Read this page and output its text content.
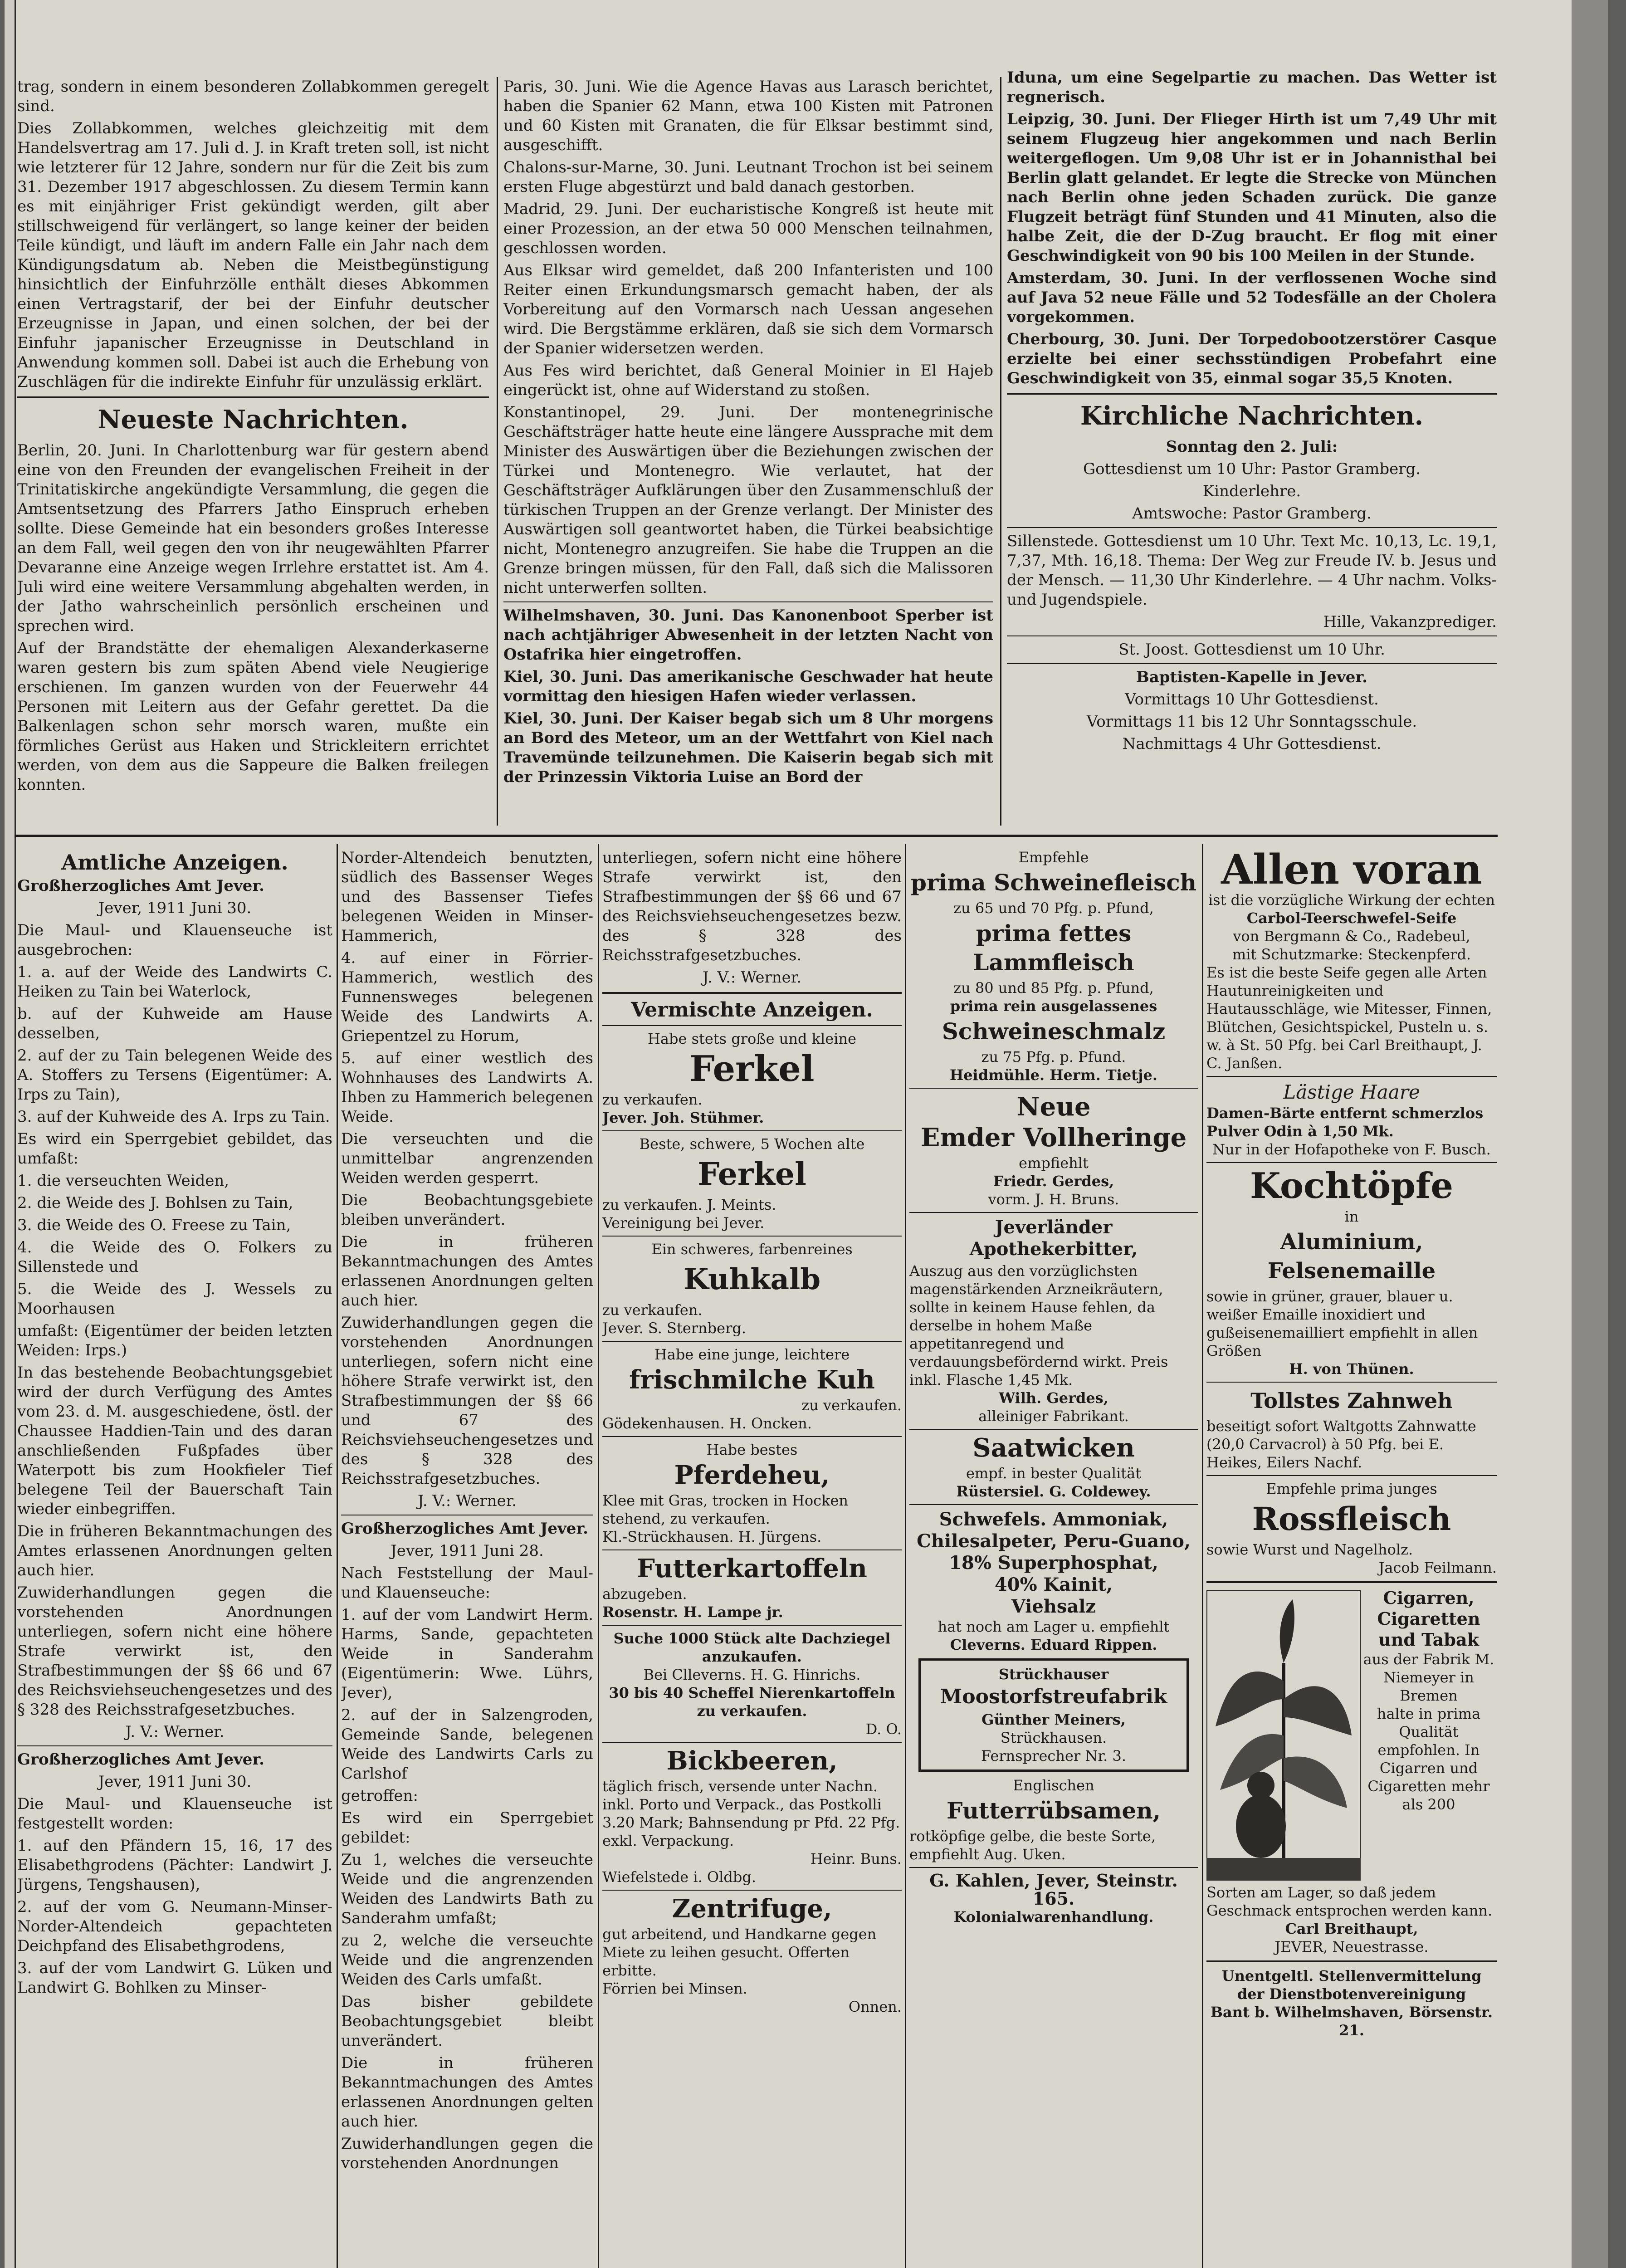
trag, sondern in einem besonderen Zollabkommen geregelt sind.

Dies Zollabkommen, welches gleichzeitig mit dem Handelsvertrag am 17. Juli d. J. in Kraft treten soll, ist nicht wie letzterer für 12 Jahre, sondern nur für die Zeit bis zum 31. Dezember 1917 abgeschlossen. Zu diesem Termin kann es mit einjähriger Frist gekündigt werden, gilt aber stillschweigend für verlängert, so lange keiner der beiden Teile kündigt, und läuft im andern Falle ein Jahr nach dem Kündigungsdatum ab. Neben die Meistbegünstigung hinsichtlich der Einfuhrzölle enthält dieses Abkommen einen Vertragstarif, der bei der Einfuhr deutscher Erzeugnisse in Japan, und einen solchen, der bei der Einfuhr japanischer Erzeugnisse in Deutschland in Anwendung kommen soll. Dabei ist auch die Erhebung von Zuschlägen für die indirekte Einfuhr für unzulässig erklärt.

Neueste Nachrichten.

Berlin, 20. Juni. In Charlottenburg war für gestern abend eine von den Freunden der evangelischen Freiheit in der Trinitatiskirche angekündigte Versammlung, die gegen die Amtsentsetzung des Pfarrers Jatho Einspruch erheben sollte. Diese Gemeinde hat ein besonders großes Interesse an dem Fall, weil gegen den von ihr neugewählten Pfarrer Devaranne eine Anzeige wegen Irrlehre erstattet ist. Am 4. Juli wird eine weitere Versammlung abgehalten werden, in der Jatho wahrscheinlich persönlich erscheinen und sprechen wird.

Auf der Brandstätte der ehemaligen Alexanderkaserne waren gestern bis zum späten Abend viele Neugierige erschienen. Im ganzen wurden von der Feuerwehr 44 Personen mit Leitern aus der Gefahr gerettet. Da die Balkenlagen schon sehr morsch waren, mußte ein förmliches Gerüst aus Haken und Strickleitern errichtet werden, von dem aus die Sappeure die Balken freilegen konnten.

Paris, 30. Juni. Wie die Agence Havas aus Larasch berichtet, haben die Spanier 62 Mann, etwa 100 Kisten mit Patronen und 60 Kisten mit Granaten, die für Elksar bestimmt sind, ausgeschifft.

Chalons-sur-Marne, 30. Juni. Leutnant Trochon ist bei seinem ersten Fluge abgestürzt und bald danach gestorben.

Madrid, 29. Juni. Der eucharistische Kongreß ist heute mit einer Prozession, an der etwa 50 000 Menschen teilnahmen, geschlossen worden.

Aus Elksar wird gemeldet, daß 200 Infanteristen und 100 Reiter einen Erkundungsmarsch gemacht haben, der als Vorbereitung auf den Vormarsch nach Uessan angesehen wird. Die Bergstämme erklären, daß sie sich dem Vormarsch der Spanier widersetzen werden.

Aus Fes wird berichtet, daß General Moinier in El Hajeb eingerückt ist, ohne auf Widerstand zu stoßen.

Konstantinopel, 29. Juni. Der montenegrinische Geschäftsträger hatte heute eine längere Aussprache mit dem Minister des Auswärtigen über die Beziehungen zwischen der Türkei und Montenegro. Wie verlautet, hat der Geschäftsträger Aufklärungen über den Zusammenschluß der türkischen Truppen an der Grenze verlangt. Der Minister des Auswärtigen soll geantwortet haben, die Türkei beabsichtige nicht, Montenegro anzugreifen. Sie habe die Truppen an die Grenze bringen müssen, für den Fall, daß sich die Malissoren nicht unterwerfen sollten.

Wilhelmshaven, 30. Juni. Das Kanonenboot Sperber ist nach achtjähriger Abwesenheit in der letzten Nacht von Ostafrika hier eingetroffen.

Kiel, 30. Juni. Das amerikanische Geschwader hat heute vormittag den hiesigen Hafen wieder verlassen.

Kiel, 30. Juni. Der Kaiser begab sich um 8 Uhr morgens an Bord des Meteor, um an der Wettfahrt von Kiel nach Travemünde teilzunehmen. Die Kaiserin begab sich mit der Prinzessin Viktoria Luise an Bord der

Iduna, um eine Segelpartie zu machen. Das Wetter ist regnerisch.

Leipzig, 30. Juni. Der Flieger Hirth ist um 7,49 Uhr mit seinem Flugzeug hier angekommen und nach Berlin weitergeflogen. Um 9,08 Uhr ist er in Johannisthal bei Berlin glatt gelandet. Er legte die Strecke von München nach Berlin ohne jeden Schaden zurück. Die ganze Flugzeit beträgt fünf Stunden und 41 Minuten, also die halbe Zeit, die der D-Zug braucht. Er flog mit einer Geschwindigkeit von 90 bis 100 Meilen in der Stunde.

Amsterdam, 30. Juni. In der verflossenen Woche sind auf Java 52 neue Fälle und 52 Todesfälle an der Cholera vorgekommen.

Cherbourg, 30. Juni. Der Torpedobootzerstörer Casque erzielte bei einer sechsstündigen Probefahrt eine Geschwindigkeit von 35, einmal sogar 35,5 Knoten.

Kirchliche Nachrichten.

Sonntag den 2. Juli:

Gottesdienst um 10 Uhr: Pastor Gramberg.

Kinderlehre.

Amtswoche: Pastor Gramberg.

Sillenstede. Gottesdienst um 10 Uhr. Text Mc. 10,13, Lc. 19,1, 7,37, Mth. 16,18. Thema: Der Weg zur Freude IV. b. Jesus und der Mensch. — 11,30 Uhr Kinderlehre. — 4 Uhr nachm. Volks- und Jugendspiele.

Hille, Vakanzprediger.

St. Joost. Gottesdienst um 10 Uhr.

Baptisten-Kapelle in Jever.

Vormittags 10 Uhr Gottesdienst.

Vormittags 11 bis 12 Uhr Sonntagsschule.

Nachmittags 4 Uhr Gottesdienst.

Amtliche Anzeigen.

Großherzogliches Amt Jever.

Jever, 1911 Juni 30.

Die Maul- und Klauenseuche ist ausgebrochen:

1. a. auf der Weide des Landwirts C. Heiken zu Tain bei Waterlock,

b. auf der Kuhweide am Hause desselben,

2. auf der zu Tain belegenen Weide des A. Stoffers zu Tersens (Eigentümer: A. Irps zu Tain),

3. auf der Kuhweide des A. Irps zu Tain.

Es wird ein Sperrgebiet gebildet, das umfaßt:

1. die verseuchten Weiden,

2. die Weide des J. Bohlsen zu Tain,

3. die Weide des O. Freese zu Tain,

4. die Weide des O. Folkers zu Sillenstede und

5. die Weide des J. Wessels zu Moorhausen

umfaßt: (Eigentümer der beiden letzten Weiden: Irps.)

In das bestehende Beobachtungsgebiet wird der durch Verfügung des Amtes vom 23. d. M. ausgeschiedene, östl. der Chaussee Haddien-Tain und des daran anschließenden Fußpfades über Waterpott bis zum Hookfieler Tief belegene Teil der Bauerschaft Tain wieder einbegriffen.

Die in früheren Bekanntmachungen des Amtes erlassenen Anordnungen gelten auch hier.

Zuwiderhandlungen gegen die vorstehenden Anordnungen unterliegen, sofern nicht eine höhere Strafe verwirkt ist, den Strafbestimmungen der §§ 66 und 67 des Reichsviehseuchengesetzes und des § 328 des Reichsstrafgesetzbuches.

J. V.: Werner.

Großherzogliches Amt Jever.

Jever, 1911 Juni 30.

Die Maul- und Klauenseuche ist festgestellt worden:

1. auf den Pfändern 15, 16, 17 des Elisabethgrodens (Pächter: Landwirt J. Jürgens, Tengshausen),

2. auf der vom G. Neumann-Minser-Norder-Altendeich gepachteten Deichpfand des Elisabethgrodens,

3. auf der vom Landwirt G. Lüken und Landwirt G. Bohlken zu Minser-

Norder-Altendeich benutzten, südlich des Bassenser Weges und des Bassenser Tiefes belegenen Weiden in Minser-Hammerich,

4. auf einer in Förrier-Hammerich, westlich des Funnensweges belegenen Weide des Landwirts A. Griepentzel zu Horum,

5. auf einer westlich des Wohnhauses des Landwirts A. Ihben zu Hammerich belegenen Weide.

Die verseuchten und die unmittelbar angrenzenden Weiden werden gesperrt.

Die Beobachtungsgebiete bleiben unverändert.

Die in früheren Bekanntmachungen des Amtes erlassenen Anordnungen gelten auch hier.

Zuwiderhandlungen gegen die vorstehenden Anordnungen unterliegen, sofern nicht eine höhere Strafe verwirkt ist, den Strafbestimmungen der §§ 66 und 67 des Reichsviehseuchengesetzes und des § 328 des Reichsstrafgesetzbuches.

J. V.: Werner.

Großherzogliches Amt Jever.

Jever, 1911 Juni 28.

Nach Feststellung der Maul- und Klauenseuche:

1. auf der vom Landwirt Herm. Harms, Sande, gepachteten Weide in Sanderahm (Eigentümerin: Wwe. Lührs, Jever),

2. auf der in Salzengroden, Gemeinde Sande, belegenen Weide des Landwirts Carls zu Carlshof

getroffen:

Es wird ein Sperrgebiet gebildet:

Zu 1, welches die verseuchte Weide und die angrenzenden Weiden des Landwirts Bath zu Sanderahm umfaßt;

zu 2, welche die verseuchte Weide und die angrenzenden Weiden des Carls umfaßt.

Das bisher gebildete Beobachtungsgebiet bleibt unverändert.

Die in früheren Bekanntmachungen des Amtes erlassenen Anordnungen gelten auch hier.

Zuwiderhandlungen gegen die vorstehenden Anordnungen

unterliegen, sofern nicht eine höhere Strafe verwirkt ist, den Strafbestimmungen der §§ 66 und 67 des Reichsviehseuchengesetzes bezw. des § 328 des Reichsstrafgesetzbuches.

J. V.: Werner.

Vermischte Anzeigen.

Habe stets große und kleine

Ferkel

zu verkaufen.

Jever. Joh. Stühmer.

Beste, schwere, 5 Wochen alte

Ferkel

zu verkaufen. J. Meints.

Vereinigung bei Jever.

Ein schweres, farbenreines

Kuhkalb

zu verkaufen.

Jever. S. Sternberg.

Habe eine junge, leichtere

frischmilche Kuh

zu verkaufen.

Gödekenhausen. H. Oncken.

Habe bestes

Pferdeheu,

Klee mit Gras, trocken in Hocken stehend, zu verkaufen.

Kl.-Strückhausen. H. Jürgens.

Futterkartoffeln

abzugeben.

Rosenstr. H. Lampe jr.

Suche 1000 Stück alte Dachziegel anzukaufen.

Bei Clleverns. H. G. Hinrichs.

30 bis 40 Scheffel Nierenkartoffeln zu verkaufen.

D. O.

Bickbeeren,

täglich frisch, versende unter Nachn. inkl. Porto und Verpack., das Postkolli 3.20 Mark; Bahnsendung pr Pfd. 22 Pfg. exkl. Verpackung.

Heinr. Buns.

Wiefelstede i. Oldbg.

Zentrifuge,

gut arbeitend, und Handkarne gegen Miete zu leihen gesucht. Offerten erbitte.

Förrien bei Minsen.

Onnen.

Empfehle

prima Schweinefleisch

zu 65 und 70 Pfg. p. Pfund,

prima fettes Lammfleisch

zu 80 und 85 Pfg. p. Pfund,

prima rein ausgelassenes

Schweineschmalz

zu 75 Pfg. p. Pfund.

Heidmühle. Herm. Tietje.

Neue
Emder Vollheringe

empfiehlt

Friedr. Gerdes,

vorm. J. H. Bruns.

Jeverländer Apothekerbitter,

Auszug aus den vorzüglichsten magenstärkenden Arzneikräutern, sollte in keinem Hause fehlen, da derselbe in hohem Maße appetitanregend und verdauungsbefördernd wirkt. Preis inkl. Flasche 1,45 Mk.

Wilh. Gerdes,

alleiniger Fabrikant.

Saatwicken

empf. in bester Qualität

Rüstersiel. G. Coldewey.

Schwefels. Ammoniak,

Chilesalpeter, Peru-Guano,

18% Superphosphat,

40% Kainit,

Viehsalz

hat noch am Lager u. empfiehlt

Cleverns. Eduard Rippen.

Strückhauser

Moostorfstreufabrik

Günther Meiners,

Strückhausen.

Fernsprecher Nr. 3.

Englischen

Futterrübsamen,

rotköpfige gelbe, die beste Sorte, empfiehlt Aug. Uken.

G. Kahlen, Jever, Steinstr. 165.

Kolonialwarenhandlung.

Allen voran

ist die vorzügliche Wirkung der echten

Carbol-Teerschwefel-Seife

von Bergmann & Co., Radebeul,

mit Schutzmarke: Steckenpferd.

Es ist die beste Seife gegen alle Arten Hautunreinigkeiten und Hautausschläge, wie Mitesser, Finnen, Blütchen, Gesichtspickel, Pusteln u. s. w. à St. 50 Pfg. bei Carl Breithaupt, J. C. Janßen.

Lästige Haare

Damen-Bärte entfernt schmerzlos Pulver Odin à 1,50 Mk.

Nur in der Hofapotheke von F. Busch.

Kochtöpfe

in

Aluminium, Felsenemaille

sowie in grüner, grauer, blauer u. weißer Emaille inoxidiert und gußeisenemailliert empfiehlt in allen Größen

H. von Thünen.

Tollstes Zahnweh

beseitigt sofort Waltgotts Zahnwatte (20,0 Carvacrol) à 50 Pfg. bei E. Heikes, Eilers Nachf.

Empfehle prima junges

Rossfleisch

sowie Wurst und Nagelholz.

Jacob Feilmann.

Cigarren, Cigaretten und Tabak

aus der Fabrik M. Niemeyer in Bremen

halte in prima Qualität empfohlen. In Cigarren und Cigaretten mehr als 200

Sorten am Lager, so daß jedem Geschmack entsprochen werden kann.

Carl Breithaupt,

JEVER, Neuestrasse.

Unentgeltl. Stellenvermittelung

der Dienstbotenvereinigung

Bant b. Wilhelmshaven, Börsenstr. 21.
